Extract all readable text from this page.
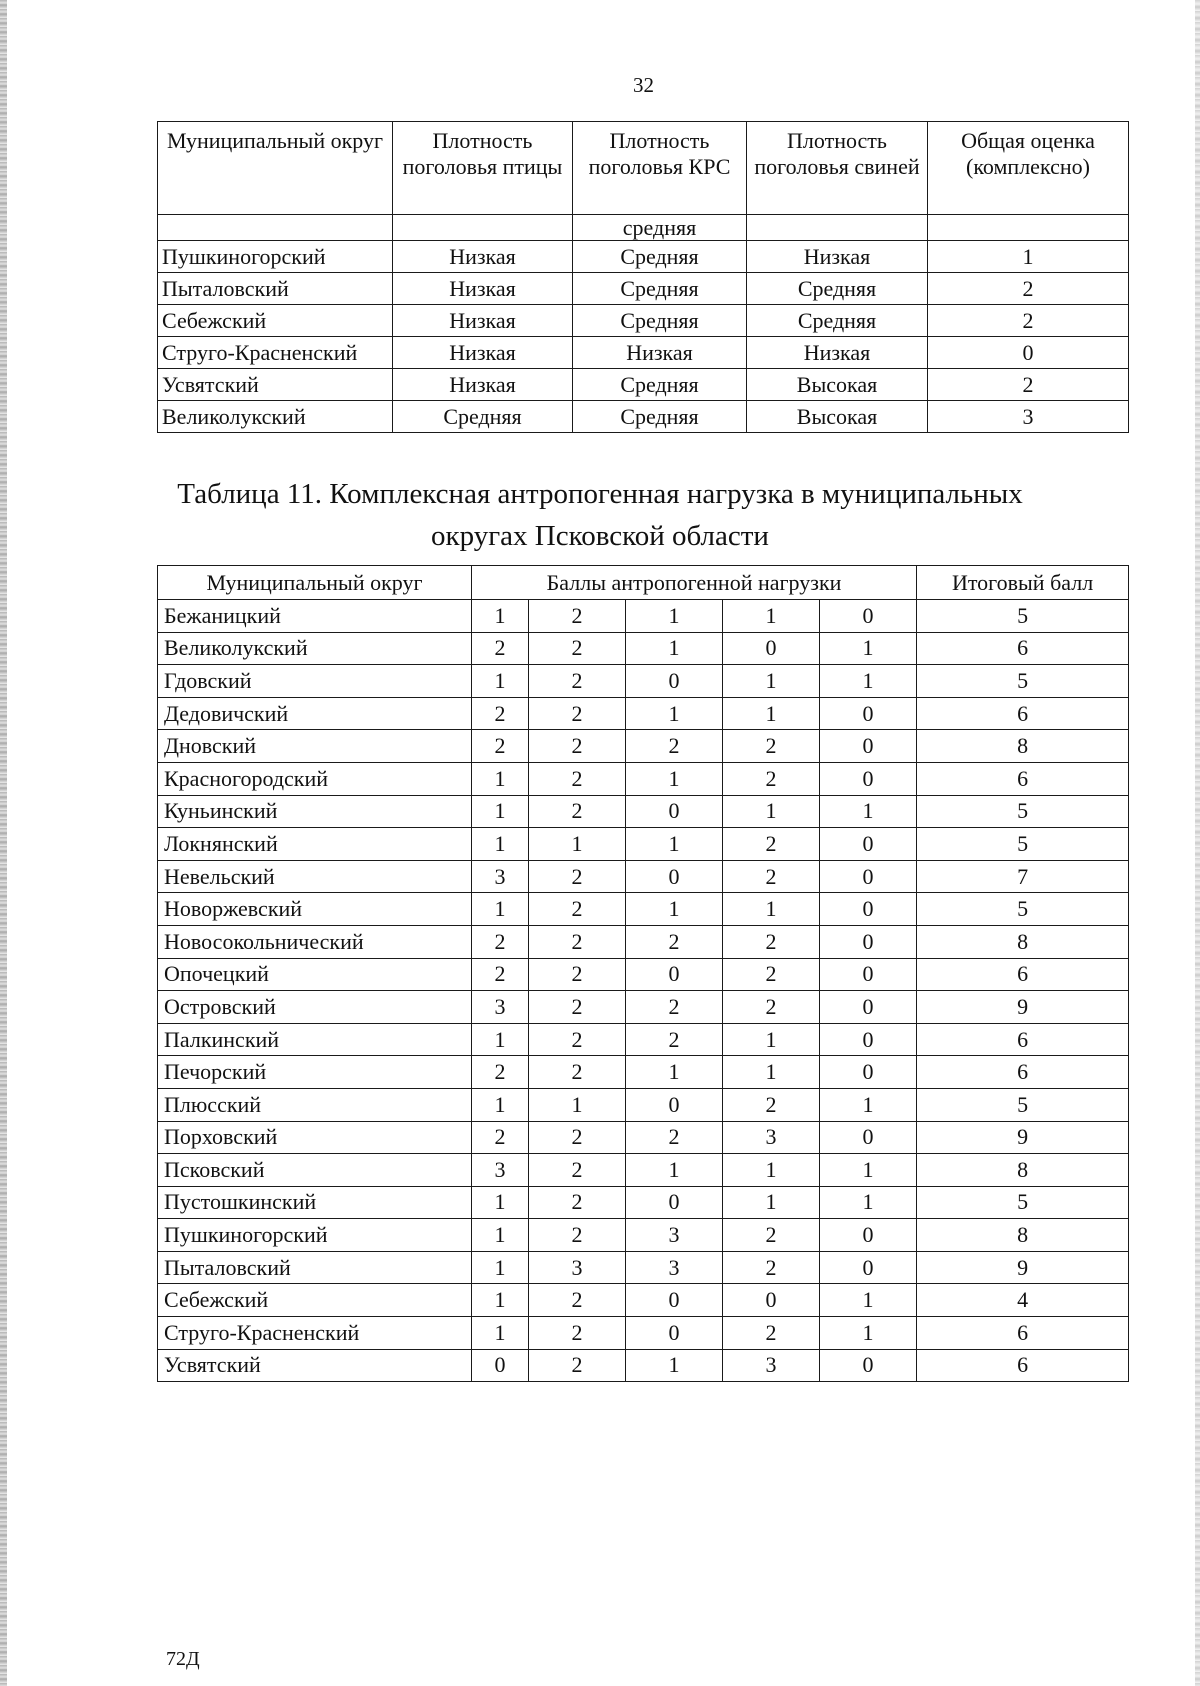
32
Муниципальный округ	Плотность поголовья птицы	Плотность поголовья КРС	Плотность поголовья свиней	Общая оценка (комплексно)
		средняя		
Пушкиногорский	Низкая	Средняя	Низкая	1
Пыталовский	Низкая	Средняя	Средняя	2
Себежский	Низкая	Средняя	Средняя	2
Струго-Красненский	Низкая	Низкая	Низкая	0
Усвятский	Низкая	Средняя	Высокая	2
Великолукский	Средняя	Средняя	Высокая	3
Таблица 11. Комплексная антропогенная нагрузка в муниципальных
округах Псковской области
Муниципальный округ	Баллы антропогенной нагрузки					Итоговый балл
Бежаницкий	1	2	1	1	0	5
Великолукский	2	2	1	0	1	6
Гдовский	1	2	0	1	1	5
Дедовичский	2	2	1	1	0	6
Дновский	2	2	2	2	0	8
Красногородский	1	2	1	2	0	6
Куньинский	1	2	0	1	1	5
Локнянский	1	1	1	2	0	5
Невельский	3	2	0	2	0	7
Новоржевский	1	2	1	1	0	5
Новосокольнический	2	2	2	2	0	8
Опочецкий	2	2	0	2	0	6
Островский	3	2	2	2	0	9
Палкинский	1	2	2	1	0	6
Печорский	2	2	1	1	0	6
Плюсский	1	1	0	2	1	5
Порховский	2	2	2	3	0	9
Псковский	3	2	1	1	1	8
Пустошкинский	1	2	0	1	1	5
Пушкиногорский	1	2	3	2	0	8
Пыталовский	1	3	3	2	0	9
Себежский	1	2	0	0	1	4
Струго-Красненский	1	2	0	2	1	6
Усвятский	0	2	1	3	0	6
72Д
